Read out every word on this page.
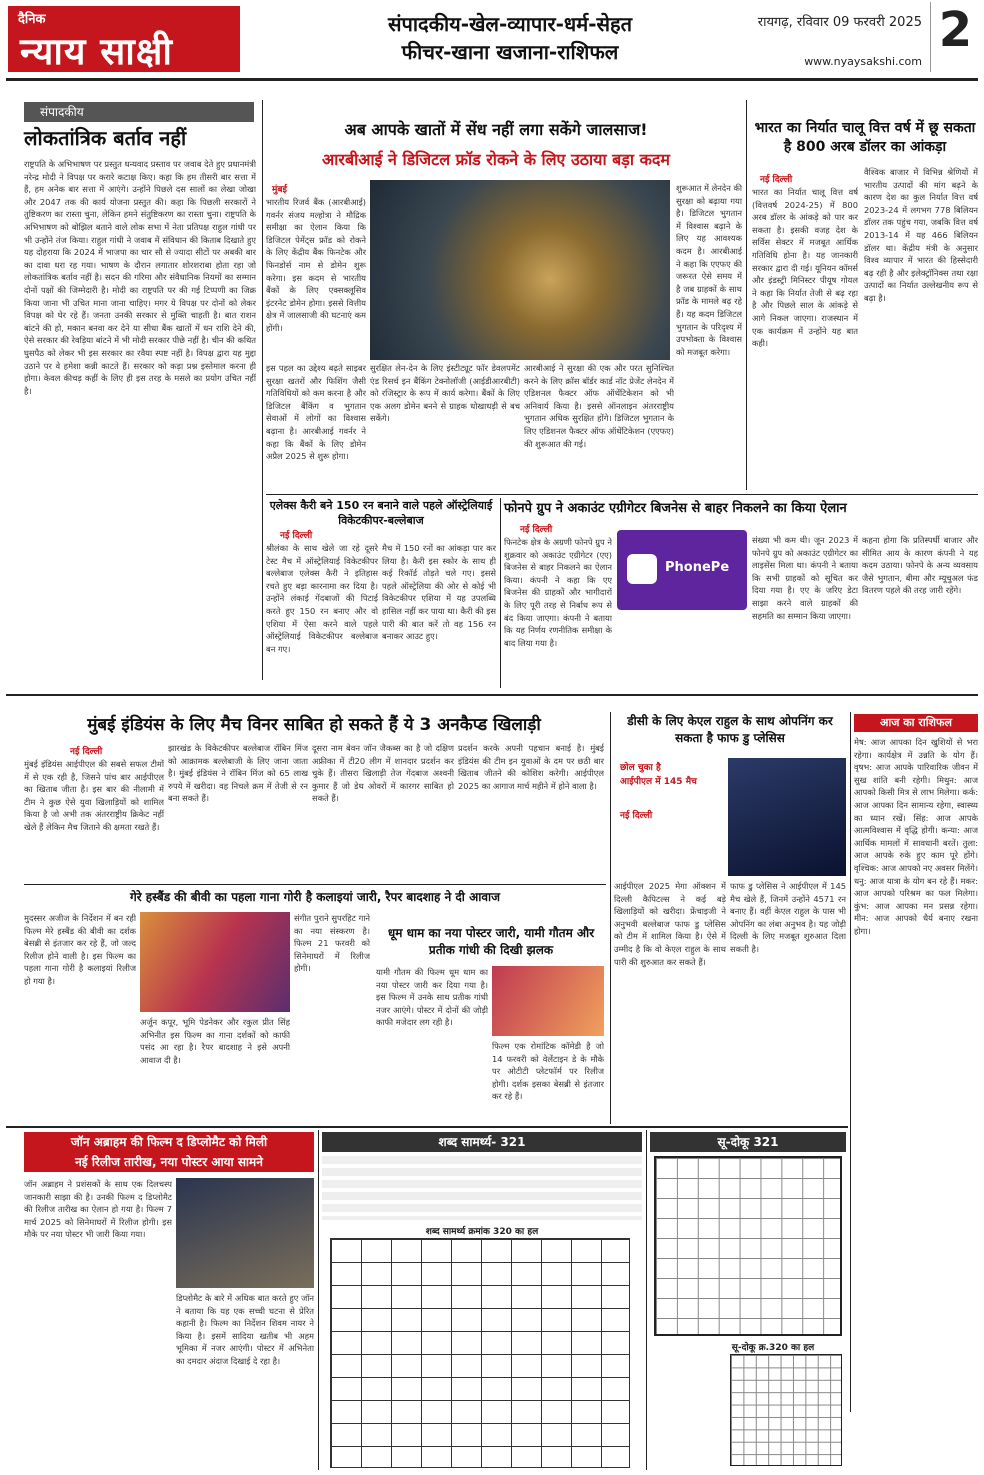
दैनिक
न्याय साक्षी
संपादकीय-खेल-व्यापार-धर्म-सेहत
फीचर-खाना खजाना-राशिफल
रायगढ़, रविवार 09 फरवरी 2025
www.nyaysakshi.com
2
संपादकीय
लोकतांत्रिक बर्ताव नहीं
राष्ट्रपति के अभिभाषण पर प्रस्तुत धन्यवाद प्रस्ताव पर जवाब देते हुए प्रधानमंत्री नरेन्द्र मोदी ने विपक्ष पर करारे कटाक्ष किए। कहा कि हम तीसरी बार सत्ता में हैं, हम अनेक बार सत्ता में आएंगे। उन्होंने पिछले दस सालों का लेखा जोखा और 2047 तक की कार्य योजना प्रस्तुत की। कहा कि पिछली सरकारों ने तुष्टिकरण का रास्ता चुना, लेकिन हमने संतुष्टिकरण का रास्ता चुना। राष्ट्रपति के अभिभाषण को बोझिल बताने वाले लोक सभा में नेता प्रतिपक्ष राहुल गांधी पर भी उन्होंने तंज किया। राहुल गांधी ने जवाब में संविधान की किताब दिखाते हुए यह दोहराया कि 2024 में भाजपा का चार सौ से ज्यादा सीटों पर अबकी बार का दावा धरा रह गया। भाषण के दौरान लगातार शोरशराबा होता रहा जो लोकतांत्रिक बर्ताव नहीं है। सदन की गरिमा और संवैधानिक नियमों का सम्मान दोनों पक्षों की जिम्मेदारी है। मोदी का राष्ट्रपति पर की गई टिप्पणी का जिक्र किया जाना भी उचित माना जाना चाहिए। मगर ये विपक्ष पर दोनों को लेकर विपक्ष को घेर रहे हैं। जनता उनकी सरकार से मुक्ति चाहती है। बात राशन बांटने की हो, मकान बनवा कर देने या सीधा बैंक खातों में धन राशि देने की, ऐसे सरकार की रेवड़िया बांटने में भी मोदी सरकार पीछे नहीं है। चीन की कथित घुसपैठ को लेकर भी इस सरकार का रवैया स्पष्ट नहीं है। विपक्ष द्वारा यह मुद्दा उठाने पर वे हमेशा कन्नी काटते हैं। सरकार को कड़ा प्रश्न इस्तेमाल करना ही होगा। केवल कीचड़ कहीं के लिए ही इस तरह के मसले का प्रयोग उचित नहीं है।
अब आपके खातों में सेंध नहीं लगा सकेंगे जालसाज!
आरबीआई ने डिजिटल फ्रॉड रोकने के लिए उठाया बड़ा कदम
मुंबई
भारतीय रिजर्व बैंक (आरबीआई) गवर्नर संजय मल्होत्रा ने मौद्रिक समीक्षा का ऐलान किया कि डिजिटल पेमेंट्स फ्रॉड को रोकने के लिए केंद्रीय बैंक फिनटेक और फिनडोर्स नाम से डोमेन शुरू करेगा। इस कदम से भारतीय बैंकों के लिए एक्सक्लूसिव इंटरनेट डोमेन होगा। इससे वित्तीय क्षेत्र में जालसाजी की घटनाएं कम होंगी।
इस पहल का उद्देश्य बढ़ते साइबर सुरक्षा खतरों और फिशिंग जैसी गतिविधियों को कम करना है और डिजिटल बैंकिंग व भुगतान सेवाओं में लोगों का विश्वास बढ़ाना है। आरबीआई गवर्नर ने कहा कि बैंकों के लिए डोमेन अप्रैल 2025 से शुरू होगा।
सुरक्षित लेन-देन के लिए इंस्टीट्यूट फॉर डेवलपमेंट एंड रिसर्च इन बैंकिंग टेक्नोलॉजी (आईडीआरबीटी) को रजिस्ट्रार के रूप में कार्य करेगा। बैंकों के लिए एक अलग डोमेन बनने से ग्राहक धोखाधड़ी से बच सकेंगे।
आरबीआई ने सुरक्षा की एक और परत सुनिश्चित करने के लिए क्रॉस बॉर्डर कार्ड नॉट प्रेजेंट लेनदेन में एडिशनल फैक्टर ऑफ ऑथेंटिकेशन को भी अनिवार्य किया है। इससे ऑनलाइन अंतरराष्ट्रीय भुगतान अधिक सुरक्षित होंगे। डिजिटल भुगतान के लिए एडिशनल फैक्टर ऑफ ऑथेंटिकेशन (एएफए) की शुरूआत की गई।
शुरूआत में लेनदेन की सुरक्षा को बढ़ाया गया है। डिजिटल भुगतान में विश्वास बढ़ाने के लिए यह आवश्यक कदम है। आरबीआई ने कहा कि एएफए की जरूरत ऐसे समय में है जब ग्राहकों के साथ फ्रॉड के मामले बढ़ रहे हैं। यह कदम डिजिटल भुगतान के परिदृश्य में उपभोक्ता के विश्वास को मजबूत करेगा।
भारत का निर्यात चालू वित्त वर्ष में छू सकता है 800 अरब डॉलर का आंकड़ा
नई दिल्ली
भारत का निर्यात चालू वित्त वर्ष (वित्तवर्ष 2024-25) में 800 अरब डॉलर के आंकड़े को पार कर सकता है। इसकी वजह देश के सर्विस सेक्टर में मजबूत आर्थिक गतिविधि होना है। यह जानकारी सरकार द्वारा दी गई। यूनियन कॉमर्स और इंडस्ट्री मिनिस्टर पीयूष गोयल ने कहा कि निर्यात तेजी से बढ़ रहा है और पिछले साल के आंकड़े से आगे निकल जाएगा। राजस्थान में एक कार्यक्रम में उन्होंने यह बात कही।
वैश्विक बाजार में विभिन्न श्रेणियों में भारतीय उत्पादों की मांग बढ़ने के कारण देश का कुल निर्यात वित्त वर्ष 2023-24 में लगभग 778 बिलियन डॉलर तक पहुंच गया, जबकि वित्त वर्ष 2013-14 में यह 466 बिलियन डॉलर था। केंद्रीय मंत्री के अनुसार विश्व व्यापार में भारत की हिस्सेदारी बढ़ रही है और इलेक्ट्रॉनिक्स तथा रक्षा उत्पादों का निर्यात उल्लेखनीय रूप से बढ़ा है।
एलेक्स कैरी बने 150 रन बनाने वाले पहले ऑस्ट्रेलियाई विकेटकीपर-बल्लेबाज
नई दिल्ली
श्रीलंका के साथ खेले जा रहे दूसरे टेस्ट मैच में ऑस्ट्रेलियाई विकेटकीपर बल्लेबाज एलेक्स कैरी ने इतिहास रचते हुए बड़ा कारनामा कर दिया है। उन्होंने लंकाई गेंदबाजों की पिटाई करते हुए 150 रन बनाए और वो एशिया में ऐसा करने वाले पहले ऑस्ट्रेलियाई विकेटकीपर बल्लेबाज बन गए।
मैच में 150 रनों का आंकड़ा पार कर लिया है। कैरी इस स्कोर के साथ ही कई रिकॉर्ड तोड़ते चले गए। इससे पहले ऑस्ट्रेलिया की ओर से कोई भी विकेटकीपर एशिया में यह उपलब्धि हासिल नहीं कर पाया था। कैरी की इस पारी की बात करें तो वह 156 रन बनाकर आउट हुए।
फोनपे ग्रुप ने अकाउंट एग्रीगेटर बिजनेस से बाहर निकलने का किया ऐलान
नई दिल्ली
PhonePe
फिनटेक क्षेत्र के अग्रणी फोनपे ग्रुप ने शुक्रवार को अकाउंट एग्रीगेटर (एए) बिजनेस से बाहर निकलने का ऐलान किया। कंपनी ने कहा कि एए बिजनेस की ग्राहकों और भागीदारों के लिए पूरी तरह से निर्बाध रूप से बंद किया जाएगा। कंपनी ने बताया कि यह निर्णय रणनीतिक समीक्षा के बाद लिया गया है।
संख्या भी कम थी। जून 2023 में फोनपे ग्रुप को अकाउंट एग्रीगेटर का लाइसेंस मिला था। कंपनी ने बताया कि सभी ग्राहकों को सूचित कर दिया गया है। एए के जरिए डेटा साझा करने वाले ग्राहकों की सहमति का सम्मान किया जाएगा।
कहना होगा कि प्रतिस्पर्धी बाजार और सीमित आय के कारण कंपनी ने यह कदम उठाया। फोनपे के अन्य व्यवसाय जैसे भुगतान, बीमा और म्यूचुअल फंड वितरण पहले की तरह जारी रहेंगे।
मुंबई इंडियंस के लिए मैच विनर साबित हो सकते हैं ये 3 अनकैप्ड खिलाड़ी
नई दिल्ली
मुंबई इंडियंस आईपीएल की सबसे सफल टीमों में से एक रही है, जिसने पांच बार आईपीएल का खिताब जीता है। इस बार की नीलामी में टीम ने कुछ ऐसे युवा खिलाड़ियों को शामिल किया है जो अभी तक अंतरराष्ट्रीय क्रिकेट नहीं खेले हैं लेकिन मैच जिताने की क्षमता रखते हैं।
झारखंड के विकेटकीपर बल्लेबाज रॉबिन मिंज को आक्रामक बल्लेबाजी के लिए जाना जाता है। मुंबई इंडियंस ने रॉबिन मिंज को 65 लाख रुपये में खरीदा। वह निचले क्रम में तेजी से रन बना सकते हैं।
दूसरा नाम बेवन जॉन जैकब्स का है जो दक्षिण अफ्रीका में टी20 लीग में शानदार प्रदर्शन कर चुके हैं। तीसरा खिलाड़ी तेज गेंदबाज अश्वनी कुमार हैं जो डेथ ओवरों में कारगर साबित हो सकते हैं।
प्रदर्शन करके अपनी पहचान बनाई है। मुंबई इंडियंस की टीम इन युवाओं के दम पर छठी बार खिताब जीतने की कोशिश करेगी। आईपीएल 2025 का आगाज मार्च महीने में होने वाला है।
डीसी के लिए केएल राहुल के साथ ओपनिंग कर सकता है फाफ डु प्लेसिस
छोल चुका है
आईपीएल में 145 मैच
नई दिल्ली
आईपीएल 2025 मेगा ऑक्शन में दिल्ली कैपिटल्स ने कई बड़े खिलाड़ियों को खरीदा। फ्रेंचाइजी ने अनुभवी बल्लेबाज फाफ डु प्लेसिस को टीम में शामिल किया है। ऐसे में उम्मीद है कि वो केएल राहुल के साथ पारी की शुरुआत कर सकते हैं।
फाफ डु प्लेसिस ने आईपीएल में 145 मैच खेले हैं, जिनमें उन्होंने 4571 रन बनाए हैं। वहीं केएल राहुल के पास भी ओपनिंग का लंबा अनुभव है। यह जोड़ी दिल्ली के लिए मजबूत शुरुआत दिला सकती है।
आज का राशिफल
मेष: आज आपका दिन खुशियों से भरा रहेगा। कार्यक्षेत्र में उन्नति के योग हैं। वृषभ: आज आपके पारिवारिक जीवन में सुख शांति बनी रहेगी। मिथुन: आज आपको किसी मित्र से लाभ मिलेगा। कर्क: आज आपका दिन सामान्य रहेगा, स्वास्थ्य का ध्यान रखें। सिंह: आज आपके आत्मविश्वास में वृद्धि होगी। कन्या: आज आर्थिक मामलों में सावधानी बरतें। तुला: आज आपके रुके हुए काम पूरे होंगे। वृश्चिक: आज आपको नए अवसर मिलेंगे। धनु: आज यात्रा के योग बन रहे हैं। मकर: आज आपको परिश्रम का फल मिलेगा। कुंभ: आज आपका मन प्रसन्न रहेगा। मीन: आज आपको धैर्य बनाए रखना होगा।
गेरे हस्बैंड की बीवी का पहला गाना गोरी है कलाइयां जारी, रैपर बादशाह ने दी आवाज
मुदस्सर अजीज के निर्देशन में बन रही फिल्म मेरे हस्बैंड की बीवी का दर्शक बेसब्री से इंतजार कर रहे हैं, जो जल्द रिलीज होने वाली है। इस फिल्म का पहला गाना गोरी है कलाइयां रिलीज हो गया है।
अर्जुन कपूर, भूमि पेडनेकर और रकुल प्रीत सिंह अभिनीत इस फिल्म का गाना दर्शकों को काफी पसंद आ रहा है। रैपर बादशाह ने इसे अपनी आवाज दी है।
संगीत पुराने सुपरहिट गाने का नया संस्करण है। फिल्म 21 फरवरी को सिनेमाघरों में रिलीज होगी।
धूम धाम का नया पोस्टर जारी, यामी गौतम और प्रतीक गांधी की दिखी झलक
यामी गौतम की फिल्म धूम धाम का नया पोस्टर जारी कर दिया गया है। इस फिल्म में उनके साथ प्रतीक गांधी नजर आएंगे। पोस्टर में दोनों की जोड़ी काफी मजेदार लग रही है।
फिल्म एक रोमांटिक कॉमेडी है जो 14 फरवरी को वेलेंटाइन डे के मौके पर ओटीटी प्लेटफॉर्म पर रिलीज होगी। दर्शक इसका बेसब्री से इंतजार कर रहे हैं।
जॉन अब्राहम की फिल्म द डिप्लोमैट को मिली
नई रिलीज तारीख, नया पोस्टर आया सामने
जॉन अब्राहम ने प्रशंसकों के साथ एक दिलचस्प जानकारी साझा की है। उनकी फिल्म द डिप्लोमैट की रिलीज तारीख का ऐलान हो गया है। फिल्म 7 मार्च 2025 को सिनेमाघरों में रिलीज होगी। इस मौके पर नया पोस्टर भी जारी किया गया।
डिप्लोमैट के बारे में अधिक बात करते हुए जॉन ने बताया कि यह एक सच्ची घटना से प्रेरित कहानी है। फिल्म का निर्देशन शिवम नायर ने किया है। इसमें सादिया खतीब भी अहम भूमिका में नजर आएंगी। पोस्टर में अभिनेता का दमदार अंदाज दिखाई दे रहा है।
शब्द सामर्थ्य- 321
शब्द सामर्थ्य क्रमांक 320 का हल
सू-दोकू 321
सू-दोकू क्र.320 का हल
